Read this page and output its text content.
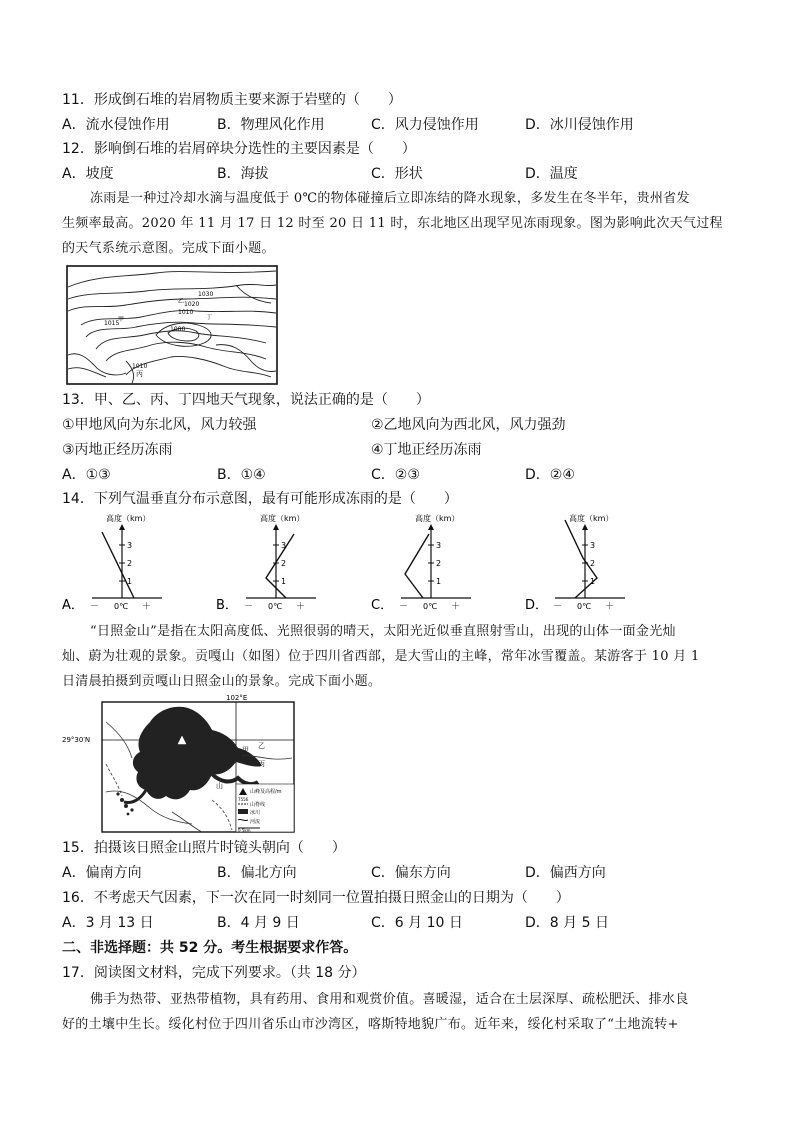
11．形成倒石堆的岩屑物质主要来源于岩壁的（　　）
A．流水侵蚀作用	B．物理风化作用	C．风力侵蚀作用	D．冰川侵蚀作用
12．影响倒石堆的岩屑碎块分选性的主要因素是（　　）
A．坡度	B．海拔	C．形状	D．温度
冻雨是一种过冷却水滴与温度低于 0℃的物体碰撞后立即冻结的降水现象，多发生在冬半年，贵州省发
生频率最高。2020 年 11 月 17 日 12 时至 20 日 11 时，东北地区出现罕见冻雨现象。图为影响此次天气过程
的天气系统示意图。完成下面小题。
1030
1020
1010
1000
1015
1010
甲
乙
丙
丁
13．甲、乙、丙、丁四地天气现象，说法正确的是（　　）
①甲地风向为东北风，风力较强	②乙地风向为西北风，风力强劲
③丙地正经历冻雨	④丁地正经历冻雨
A．①③	B．①④	C．②③	D．②④
14．下列气温垂直分布示意图，最有可能形成冻雨的是（　　）
A．
高度（km）
1
2
3
－ 0℃ ＋	B．
高度（km）
1
2
3
－ 0℃ ＋	C．
高度（km）
1
2
3
－ 0℃ ＋	D．
高度（km）
1
2
3
－ 0℃ ＋
“日照金山”是指在太阳高度低、光照很弱的晴天，太阳光近似垂直照射雪山，出现的山体一面金光灿
灿、蔚为壮观的景象。贡嘎山（如图）位于四川省西部，是大雪山的主峰，常年冰雪覆盖。某游客于 10 月 1
日清晨拍摄到贡嘎山日照金山的景象。完成下面小题。
102°E
29°30′N
甲 乙
丙
山
7556
山峰及高程/m
山脊线
冰川
河流
0 5km
15．拍摄该日照金山照片时镜头朝向（　　）
A．偏南方向	B．偏北方向	C．偏东方向	D．偏西方向
16．不考虑天气因素，下一次在同一时刻同一位置拍摄日照金山的日期为（　　）
A．3 月 13 日	B．4 月 9 日	C．6 月 10 日	D．8 月 5 日
二、非选择题：共 52 分。考生根据要求作答。
17．阅读图文材料，完成下列要求。（共 18 分）
佛手为热带、亚热带植物，具有药用、食用和观赏价值。喜暖湿，适合在土层深厚、疏松肥沃、排水良
好的土壤中生长。绥化村位于四川省乐山市沙湾区，喀斯特地貌广布。近年来，绥化村采取了“土地流转+
